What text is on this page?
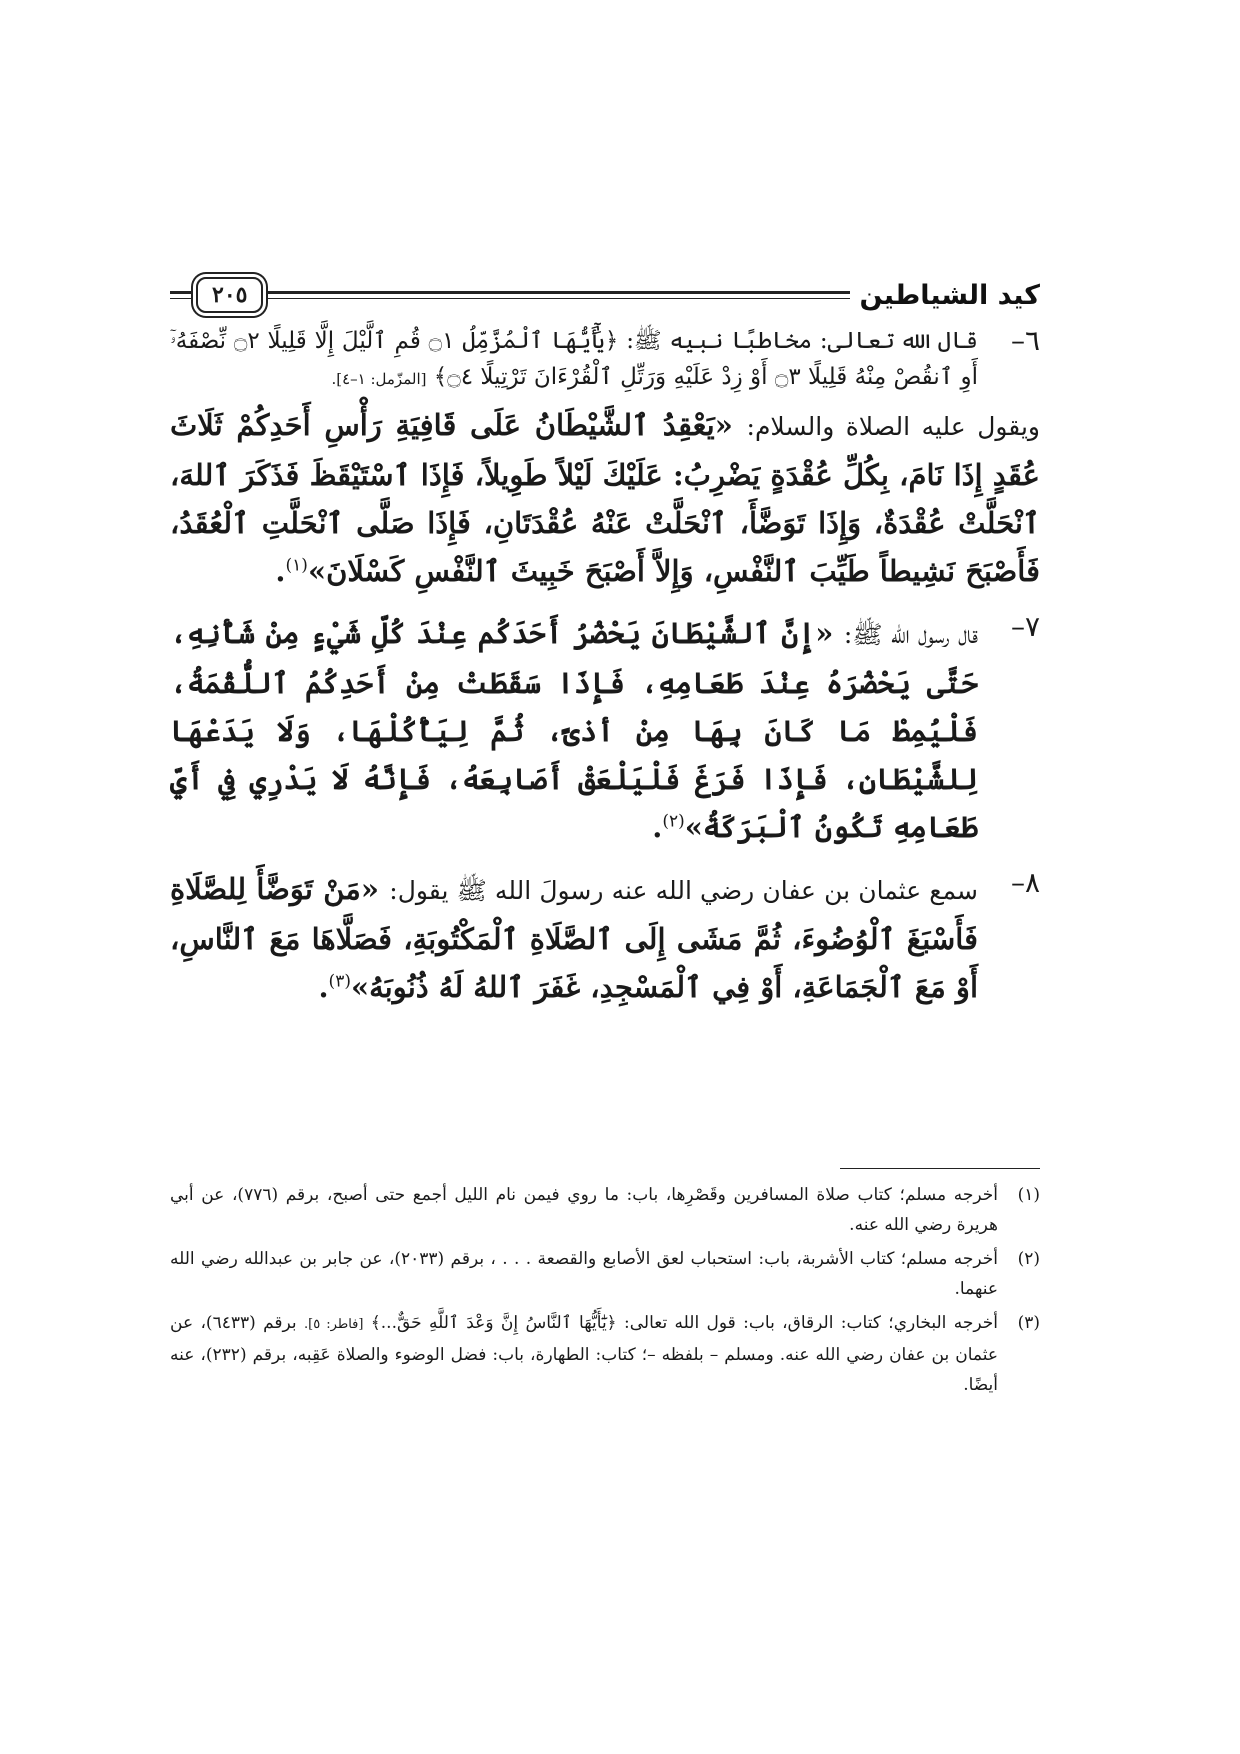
كيد الشياطين
٢٠٥
٦–
قال الله تعالى: مخاطبًا نبيه ﷺ: ﴿يَٰٓأَيُّهَا ٱلْمُزَّمِّلُ ۝١ قُمِ ٱلَّيْلَ إِلَّا قَلِيلًا ۝٢ نِّصْفَهُۥٓ أَوِ ٱنقُصْ مِنْهُ قَلِيلًا ۝٣ أَوْ زِدْ عَلَيْهِ وَرَتِّلِ ٱلْقُرْءَانَ تَرْتِيلًا ۝٤﴾ [المزّمل: ١–٤].
ويقول عليه الصلاة والسلام: «يَعْقِدُ ٱلشَّيْطَانُ عَلَى قَافِيَةِ رَأْسِ أَحَدِكُمْ ثَلَاثَ عُقَدٍ إِذَا نَامَ، بِكُلِّ عُقْدَةٍ يَضْرِبُ: عَلَيْكَ لَيْلاً طَوِيلاً، فَإِذَا ٱسْتَيْقَظَ فَذَكَرَ ٱللهَ، ٱنْحَلَّتْ عُقْدَةٌ، وَإِذَا تَوَضَّأَ، ٱنْحَلَّتْ عَنْهُ عُقْدَتَانِ، فَإِذَا صَلَّى ٱنْحَلَّتِ ٱلْعُقَدُ، فَأَصْبَحَ نَشِيطاً طَيِّبَ ٱلنَّفْسِ، وَإِلاَّ أَصْبَحَ خَبِيثَ ٱلنَّفْسِ كَسْلَانَ»$^{(١)}$.
٧–
قال رسول الله ﷺ: «إِنَّ ٱلشَّيْطَانَ يَحْضُرُ أَحَدَكُم عِنْدَ كُلِّ شَيْءٍ مِنْ شَأْنِهِ، حَتَّى يَحْضُرَهُ عِنْدَ طَعَامِهِ، فَإِذَا سَقَطَتْ مِنْ أَحَدِكُمُ ٱللُّقْمَةُ، فَلْيُمِطْ مَا كَانَ بِهَا مِنْ أذىً، ثُمَّ لِيَأْكُلْهَا، وَلَا يَدَعْهَا لِلشَّيْطَانِ، فَإِذَا فَرَغَ فَلْيَلْعَقْ أَصَابِعَهُ، فَإِنَّهُ لَا يَدْرِي فِي أَيِّ طَعَامِهِ تَكُونُ ٱلْبَرَكَةُ»$^{(٢)}$.
٨–
سمع عثمان بن عفان رضي الله عنه رسولَ الله ﷺ يقول: «مَنْ تَوَضَّأَ لِلصَّلَاةِ فَأَسْبَغَ ٱلْوُضُوءَ، ثُمَّ مَشَى إِلَى ٱلصَّلَاةِ ٱلْمَكْتُوبَةِ، فَصَلَّاهَا مَعَ ٱلنَّاسِ، أَوْ مَعَ ٱلْجَمَاعَةِ، أَوْ فِي ٱلْمَسْجِدِ، غَفَرَ ٱللهُ لَهُ ذُنُوبَهُ»$^{(٣)}$.
(١)
أخرجه مسلم؛ كتاب صلاة المسافرين وقَصْرِها، باب: ما روي فيمن نام الليل أجمع حتى أصبح، برقم (٧٧٦)، عن أبي هريرة رضي الله عنه.
(٢)
أخرجه مسلم؛ كتاب الأشربة، باب: استحباب لعق الأصابع والقصعة . . . ، برقم (٢٠٣٣)، عن جابر بن عبدالله رضي الله عنهما.
(٣)
أخرجه البخاري؛ كتاب: الرقاق، باب: قول الله تعالى: ﴿يَٰٓأَيُّهَا ٱلنَّاسُ إِنَّ وَعْدَ ٱللَّهِ حَقٌّ...﴾ [فاطر: ٥]. برقم (٦٤٣٣)، عن عثمان بن عفان رضي الله عنه. ومسلم – بلفظه –؛ كتاب: الطهارة، باب: فضل الوضوء والصلاة عَقِبه، برقم (٢٣٢)، عنه أيضًا.
